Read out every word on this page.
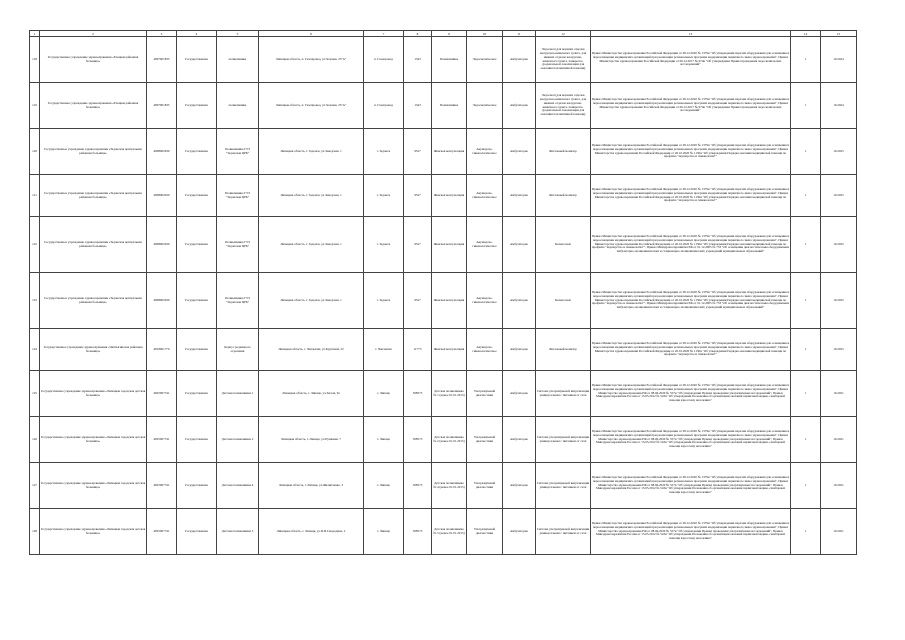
1	2	3	4	5	6	7	8	9	10	11	12	13	14	15
118	Государственное учреждение здравоохранения «Елецкая районная больница»	4807001835	Государственная	поликлиника	Липецкая область, п. Газопровод, ул.Зеленая, 23"А"	п. Газопровод	1343	Поликлиника	Эндоскопическое	Амбулаторно	Эндоскоп (для верхних отделов желудочно-кишечного тракта, для нижних отделов желудочно-кишечного тракта, панкреато-дуоденальной локализации для оказания паллиативной помощи)	Приказ Министерства здравоохранения Российской Федерации от 28.12.2020 № 1379н "Об утверждении перечня оборудования для оснащения и переоснащения медицинских организаций при реализации региональных программ модернизации первичного звена здравоохранения", Приказ Министерства здравоохранения Российской Федерации от 06.12.2017 № 974н "Об утверждении Правил проведения эндоскопических исследований"	1	10.2024
119	Государственное учреждение здравоохранения «Елецкая районная больница»	4807001835	Государственная	поликлиника	Липецкая область, п. Газопровод, ул.Зеленая, 23"А"	п. Газопровод	1343	Поликлиника	Эндоскопическое	Амбулаторно	Эндоскоп (для верхних отделов желудочно-кишечного тракта, для нижних отделов желудочно-кишечного тракта, панкреато-дуоденальной локализации для оказания паллиативной помощи)	Приказ Министерства здравоохранения Российской Федерации от 28.12.2020 № 1379н "Об утверждении перечня оборудования для оснащения и переоснащения медицинских организаций при реализации региональных программ модернизации первичного звена здравоохранения", Приказ Министерства здравоохранения Российской Федерации от 06.12.2017 № 974н "Об утверждении Правил проведения эндоскопических исследований"	1	10.2024
120	Государственное учреждение здравоохранения «Задонская центральная районная больница»	4808002630	Государственная	Поликлиника ГУЗ "Задонская ЦРБ"	Липецкая область, г. Задонск, ул.Заводская, 1	г. Задонск	9527	Женская консультация	Акушерско-гинекологическое	Амбулаторно	Фетальный монитор	Приказ Министерства здравоохранения Российской Федерации от 28.12.2020 № 1379н "Об утверждении перечня оборудования для оснащения и переоснащения медицинских организаций при реализации региональных программ модернизации первичного звена здравоохранения", Приказ Министерства здравоохранения Российской Федерации от 20.10.2020 № 1130н "Об утверждении Порядка оказания медицинской помощи по профилю "акушерство и гинекология""	1	10.2025
121	Государственное учреждение здравоохранения «Задонская центральная районная больница»	4808002630	Государственная	Поликлиника ГУЗ "Задонская ЦРБ"	Липецкая область, г. Задонск, ул.Заводская, 1	г. Задонск	9527	Женская консультация	Акушерско-гинекологическое	Амбулаторно	Фетальный монитор	Приказ Министерства здравоохранения Российской Федерации от 28.12.2020 № 1379н "Об утверждении перечня оборудования для оснащения и переоснащения медицинских организаций при реализации региональных программ модернизации первичного звена здравоохранения", Приказ Министерства здравоохранения Российской Федерации от 20.10.2020 № 1130н "Об утверждении Порядка оказания медицинской помощи по профилю "акушерство и гинекология""	1	10.2025
122	Государственное учреждение здравоохранения «Задонская центральная районная больница»	4808002630	Государственная	Поликлиника ГУЗ "Задонская ЦРБ"	Липецкая область, г. Задонск, ул.Заводская, 1	г. Задонск	9527	Женская консультация	Акушерско-гинекологическое	Амбулаторно	Кольпоскоп	Приказ Министерства здравоохранения Российской Федерации от 28.12.2020 № 1379н "Об утверждении перечня оборудования для оснащения и переоснащения медицинских организаций при реализации региональных программ модернизации первичного звена здравоохранения", Приказ Министерства здравоохранения Российской Федерации от 20.10.2020 № 1130н "Об утверждении Порядка оказания медицинской помощи по профилю "акушерство и гинекология"", Приказ Минздравсоцразвития РФ от 01.12.2005 № 753 "Об оснащении диагностическим оборудованием амбулаторно-поликлинических и стационарно-поликлинических учреждений муниципальных образований"	1	10.2025
123	Государственное учреждение здравоохранения «Задонская центральная районная больница»	4808002630	Государственная	Поликлиника ГУЗ "Задонская ЦРБ"	Липецкая область, г. Задонск, ул.Заводская, 1	г. Задонск	9527	Женская консультация	Акушерско-гинекологическое	Амбулаторно	Кольпоскоп	Приказ Министерства здравоохранения Российской Федерации от 28.12.2020 № 1379н "Об утверждении перечня оборудования для оснащения и переоснащения медицинских организаций при реализации региональных программ модернизации первичного звена здравоохранения", Приказ Министерства здравоохранения Российской Федерации от 20.10.2020 № 1130н "Об утверждении Порядка оказания медицинской помощи по профилю "акушерство и гинекология"", Приказ Минздравсоцразвития РФ от 01.12.2005 № 753 "Об оснащении диагностическим оборудованием амбулаторно-поликлинических и стационарно-поликлинических учреждений муниципальных образований"	1	10.2025
124	Государственное учреждение здравоохранения «Чаплыгинская районная больница»	4818001770	Государственная	Корпус родильного отделения	Липецкая область, г. Чаплыгин, ул.Крупской, 52	г. Чаплыгин	11773	Женская консультация	Акушерско-гинекологическое	Амбулаторно	Фетальный монитор	Приказ Министерства здравоохранения Российской Федерации от 28.12.2020 № 1379н "Об утверждении перечня оборудования для оснащения и переоснащения медицинских организаций при реализации региональных программ модернизации первичного звена здравоохранения", Приказ Министерства здравоохранения Российской Федерации от 20.10.2020 № 1130н "Об утверждении Порядка оказания медицинской помощи по профилю "акушерство и гинекология""	1	10.2025
125	Государственное учреждение здравоохранения «Липецкая городская детская больница»	4825007741	Государственная	Детская поликлиника 1	Липецкая область, г. Липецк, ул.Зегеля, 9а	г. Липецк	508573	Детская поликлиника № 1 (новое 01.01.2015)	Ультразвуковой диагностики	Амбулаторно	Система ультразвуковой визуализации универсальная с питанием от сети	Приказ Министерства здравоохранения Российской Федерации от 28.12.2020 № 1379н "Об утверждении перечня оборудования для оснащения и переоснащения медицинских организаций при реализации региональных программ модернизации первичного звена здравоохранения", Приказ Министерства здравоохранения РФ от 08.06.2020 № 557н "Об утверждении Правил проведения ультразвуковых исследований", Приказ Минздравсоцразвития России от 15.05.2012 № 543н "Об утверждении Положения об организации оказания первичной медико-санитарной помощи взрослому населению"	1	10.2021
126	Государственное учреждение здравоохранения «Липецкая городская детская больница»	4825007741	Государственная	Детская поликлиника 2	Липецкая область, г. Липецк, ул.Пушкина, 7	г. Липецк	508573	Детская поликлиника № 2 (новое 01.01.2015)	Ультразвуковой диагностики	Амбулаторно	Система ультразвуковой визуализации универсальная с питанием от сети	Приказ Министерства здравоохранения Российской Федерации от 28.12.2020 № 1379н "Об утверждении перечня оборудования для оснащения и переоснащения медицинских организаций при реализации региональных программ модернизации первичного звена здравоохранения", Приказ Министерства здравоохранения РФ от 08.06.2020 № 557н "Об утверждении Правил проведения ультразвуковых исследований", Приказ Минздравсоцразвития России от 15.05.2012 № 543н "Об утверждении Положения об организации оказания первичной медико-санитарной помощи взрослому населению"	1	10.2021
127	Государственное учреждение здравоохранения «Липецкая городская детская больница»	4825007741	Государственная	Детская поликлиника 4	Липецкая область, г. Липецк, ул.Филипченко, 3	г. Липецк	508573	Детская поликлиника № 4 (новое 01.01.2015)	Ультразвуковой диагностики	Амбулаторно	Система ультразвуковой визуализации универсальная с питанием от сети	Приказ Министерства здравоохранения Российской Федерации от 28.12.2020 № 1379н "Об утверждении перечня оборудования для оснащения и переоснащения медицинских организаций при реализации региональных программ модернизации первичного звена здравоохранения", Приказ Министерства здравоохранения РФ от 08.06.2020 № 557н "Об утверждении Правил проведения ультразвуковых исследований", Приказ Минздравсоцразвития России от 15.05.2012 № 543н "Об утверждении Положения об организации оказания первичной медико-санитарной помощи взрослому населению"	1	10.2021
128	Государственное учреждение здравоохранения «Липецкая городская детская больница»	4825007741	Государственная	Детская поликлиника 5	Липецкая область, г. Липецк, ул.П.И.Смородина, 2	г. Липецк	508573	Детская поликлиника № 5 (новое 01.01.2015)	Ультразвуковой диагностики	Амбулаторно	Система ультразвуковой визуализации универсальная с питанием от сети	Приказ Министерства здравоохранения Российской Федерации от 28.12.2020 № 1379н "Об утверждении перечня оборудования для оснащения и переоснащения медицинских организаций при реализации региональных программ модернизации первичного звена здравоохранения", Приказ Министерства здравоохранения РФ от 08.06.2020 № 557н "Об утверждении Правил проведения ультразвуковых исследований", Приказ Минздравсоцразвития России от 15.05.2012 № 543н "Об утверждении Положения об организации оказания первичной медико-санитарной помощи взрослому населению"	1	10.2021
